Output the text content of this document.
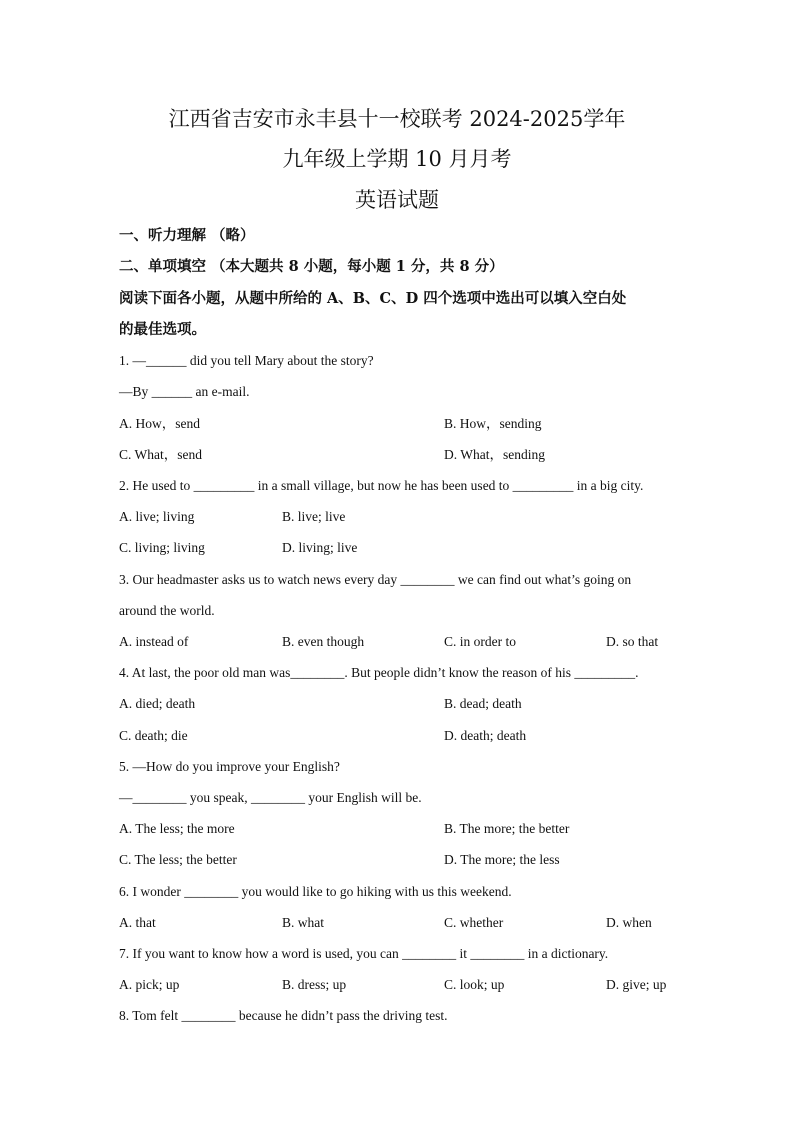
江西省吉安市永丰县十一校联考 2024-2025学年
九年级上学期 10 月月考
英语试题
一、听力理解 （略）
二、单项填空 （本大题共 8 小题，每小题 1 分，共 8 分）
阅读下面各小题，从题中所给的 A、B、C、D 四个选项中选出可以填入空白处
的最佳选项。
1. —______ did you tell Mary about the story?
—By ______ an e-mail.
A. How，send	B. How，sending
C. What，send	D. What，sending
2. He used to _________ in a small village, but now he has been used to _________ in a big city.
A. live; living	B. live; live
C. living; living	D. living; live
3. Our headmaster asks us to watch news every day ________ we can find out what’s going on
around the world.
A. instead of	B. even though	C. in order to	D. so that
4. At last, the poor old man was________. But people didn’t know the reason of his _________.
A. died; death	B. dead; death
C. death; die	D. death; death
5. —How do you improve your English?
—________ you speak, ________ your English will be.
A. The less; the more	B. The more; the better
C. The less; the better	D. The more; the less
6. I wonder ________ you would like to go hiking with us this weekend.
A. that	B. what	C. whether	D. when
7. If you want to know how a word is used, you can ________ it ________ in a dictionary.
A. pick; up	B. dress; up	C. look; up	D. give; up
8. Tom felt ________ because he didn’t pass the driving test.
